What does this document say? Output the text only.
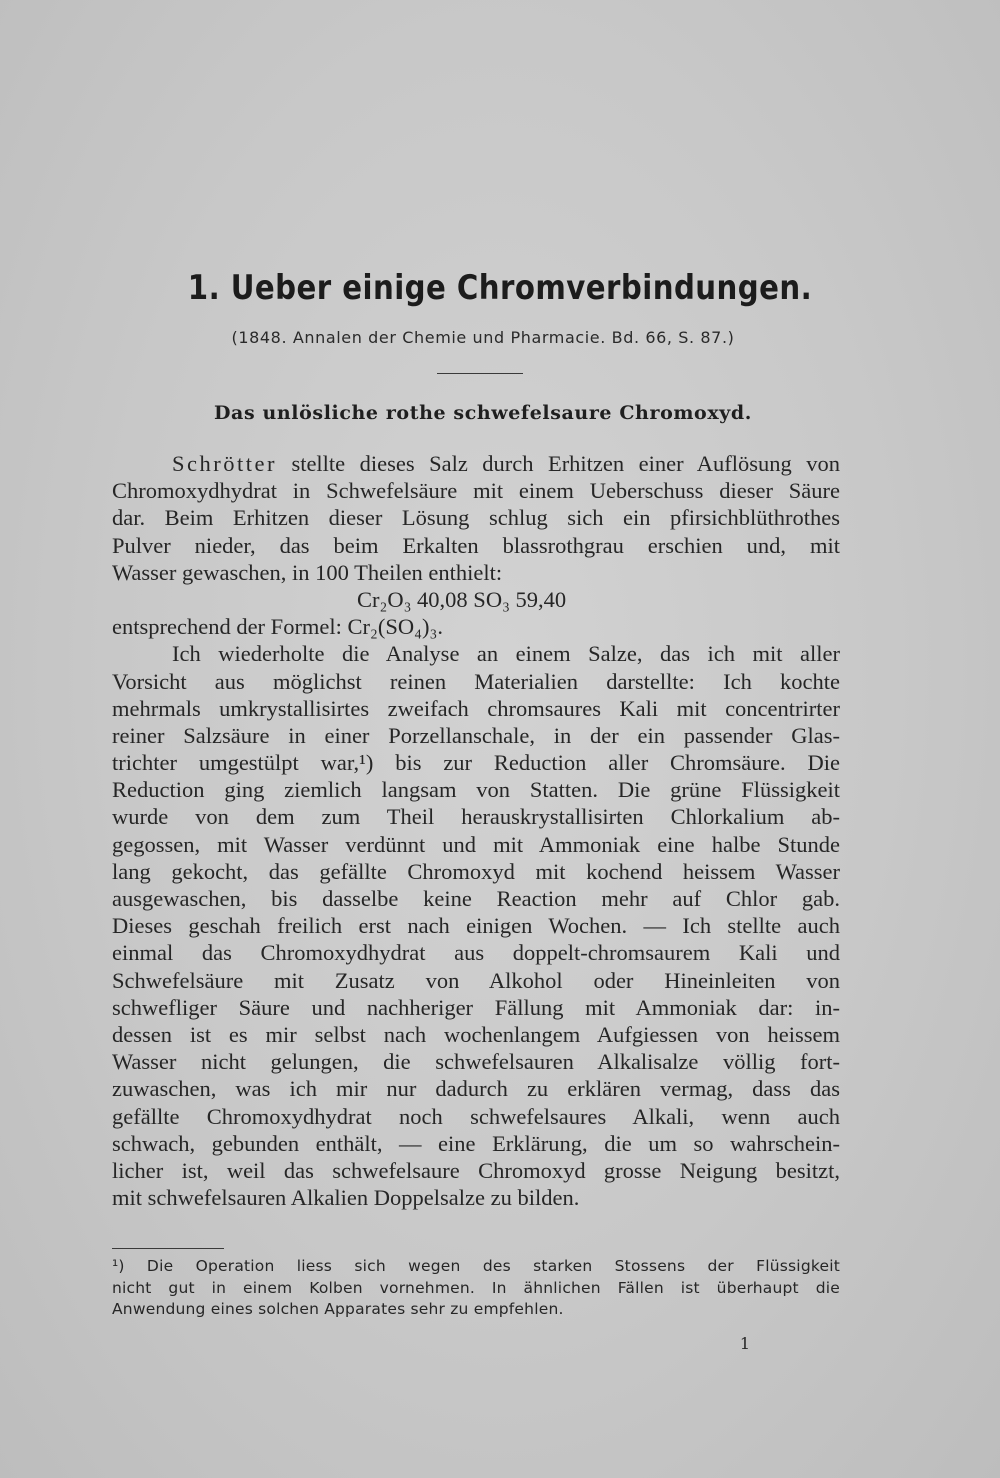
1. Ueber einige Chromverbindungen.
(1848. Annalen der Chemie und Pharmacie. Bd. 66, S. 87.)
Das unlösliche rothe schwefelsaure Chromoxyd.
Schrötter stellte dieses Salz durch Erhitzen einer Auflösung von
Chromoxydhydrat in Schwefelsäure mit einem Ueberschuss dieser Säure
dar. Beim Erhitzen dieser Lösung schlug sich ein pfirsichblüthrothes
Pulver nieder, das beim Erkalten blassrothgrau erschien und, mit
Wasser gewaschen, in 100 Theilen enthielt:
Cr₂O₃ 40,08 SO₃ 59,40
entsprechend der Formel: Cr₂(SO₄)₃.
Ich wiederholte die Analyse an einem Salze, das ich mit aller
Vorsicht aus möglichst reinen Materialien darstellte: Ich kochte
mehrmals umkrystallisirtes zweifach chromsaures Kali mit concentrirter
reiner Salzsäure in einer Porzellanschale, in der ein passender Glas-
trichter umgestülpt war,¹) bis zur Reduction aller Chromsäure. Die
Reduction ging ziemlich langsam von Statten. Die grüne Flüssigkeit
wurde von dem zum Theil herauskrystallisirten Chlorkalium ab-
gegossen, mit Wasser verdünnt und mit Ammoniak eine halbe Stunde
lang gekocht, das gefällte Chromoxyd mit kochend heissem Wasser
ausgewaschen, bis dasselbe keine Reaction mehr auf Chlor gab.
Dieses geschah freilich erst nach einigen Wochen. — Ich stellte auch
einmal das Chromoxydhydrat aus doppelt-chromsaurem Kali und
Schwefelsäure mit Zusatz von Alkohol oder Hineinleiten von
schwefliger Säure und nachheriger Fällung mit Ammoniak dar: in-
dessen ist es mir selbst nach wochenlangem Aufgiessen von heissem
Wasser nicht gelungen, die schwefelsauren Alkalisalze völlig fort-
zuwaschen, was ich mir nur dadurch zu erklären vermag, dass das
gefällte Chromoxydhydrat noch schwefelsaures Alkali, wenn auch
schwach, gebunden enthält, — eine Erklärung, die um so wahrschein-
licher ist, weil das schwefelsaure Chromoxyd grosse Neigung besitzt,
mit schwefelsauren Alkalien Doppelsalze zu bilden.
¹) Die Operation liess sich wegen des starken Stossens der Flüssigkeit
nicht gut in einem Kolben vornehmen. In ähnlichen Fällen ist überhaupt die
Anwendung eines solchen Apparates sehr zu empfehlen.
1
